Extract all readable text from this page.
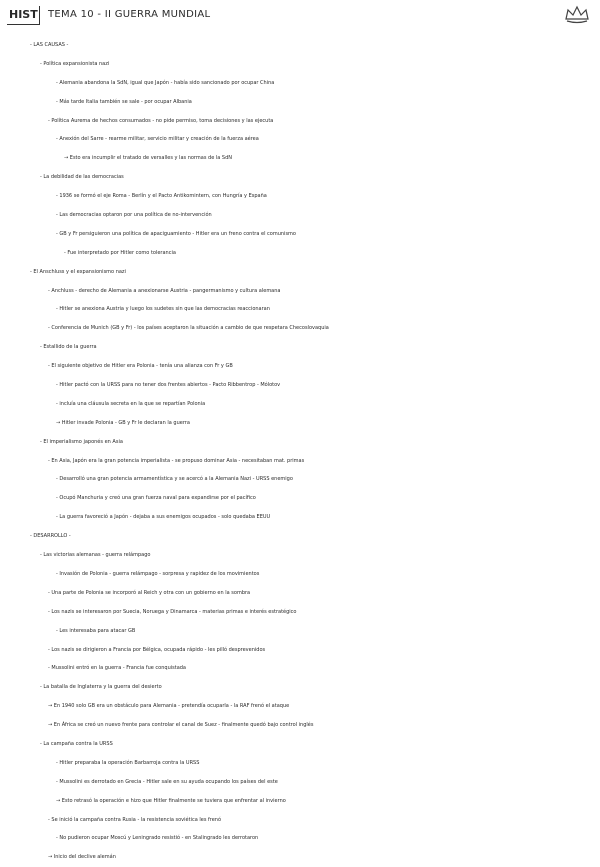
HIST TEMA 10 - II GUERRA MUNDIAL
- LAS CAUSAS -
- Política expansionista nazi
- Alemania abandona la SdN, igual que Japón - había sido sancionado por ocupar China
- Más tarde Italia también se sale - por ocupar Albania
- Política Aurema de hechos consumados - no pide permiso, toma decisiones y las ejecuta
- Anexión del Sarre - rearme militar, servicio militar y creación de la fuerza aérea
→ Esto era incumplir el tratado de versalles y las normas de la SdN
- La debilidad de las democracias
- 1936 se formó el eje Roma - Berlín y el Pacto Antikomintern, con Hungría y España
- Las democracias optaron por una política de no-intervención
- GB y Fr persiguieron una política de apaciguamiento - Hitler era un freno contra el comunismo
- Fue interpretado por Hitler como tolerancia
- El Anschluss y el expansionismo nazi
- Anchluss - derecho de Alemania a anexionarse Austria - pangermanismo y cultura alemana
- Hitler se anexiona Austria y luego los sudetes sin que las democracias reaccionaran
- Conferencia de Munich (GB y Fr) - los países aceptaron la situación a cambio de que respetara Checoslovaquia
- Estallido de la guerra
- El siguiente objetivo de Hitler era Polonia - tenía una alianza con Fr y GB
- Hitler pactó con la URSS para no tener dos frentes abiertos - Pacto Ribbentrop - Mólotov
- incluía una cláusula secreta en la que se repartían Polonia
→ Hitler invade Polonia - GB y Fr le declaran la guerra
- El imperialismo japonés en Asia
- En Asia, Japón era la gran potencia imperialista - se propuso dominar Asia - necesitaban mat. primas
- Desarrolló una gran potencia armamentística y se acercó a la Alemania Nazi - URSS enemigo
- Ocupó Manchuria y creó una gran fuerza naval para expandirse por el pacífico
- La guerra favoreció a Japón - dejaba a sus enemigos ocupados - solo quedaba EEUU
- DESARROLLO -
- Las victorias alemanas - guerra relámpago
- Invasión de Polonia - guerra relámpago - sorpresa y rapidez de los movimientos
- Una parte de Polonia se incorporó al Reich y otra con un gobierno en la sombra
- Los nazis se interesaron por Suecia, Noruega y Dinamarca - materias primas e interés estratégico
- Les interesaba para atacar GB
- Los nazis se dirigieron a Francia por Bélgica, ocupada rápido - les pilló desprevenidos
- Mussolini entró en la guerra - Francia fue conquistada
- La batalla de Inglaterra y la guerra del desierto
→ En 1940 solo GB era un obstáculo para Alemania - pretendía ocuparla - la RAF frenó el ataque
→ En África se creó un nuevo frente para controlar el canal de Suez - finalmente quedó bajo control inglés
- La campaña contra la URSS
- Hitler preparaba la operación Barbarroja contra la URSS
- Mussolini es derrotado en Grecia - Hitler sale en su ayuda ocupando los países del este
→ Esto retrasó la operación e hizo que Hitler finalmente se tuviera que enfrentar al invierno
- Se inició la campaña contra Rusia - la resistencia soviética les frenó
- No pudieron ocupar Moscú y Leningrado resistió - en Stalingrado les derrotaron
→ Inicio del declive alemán
